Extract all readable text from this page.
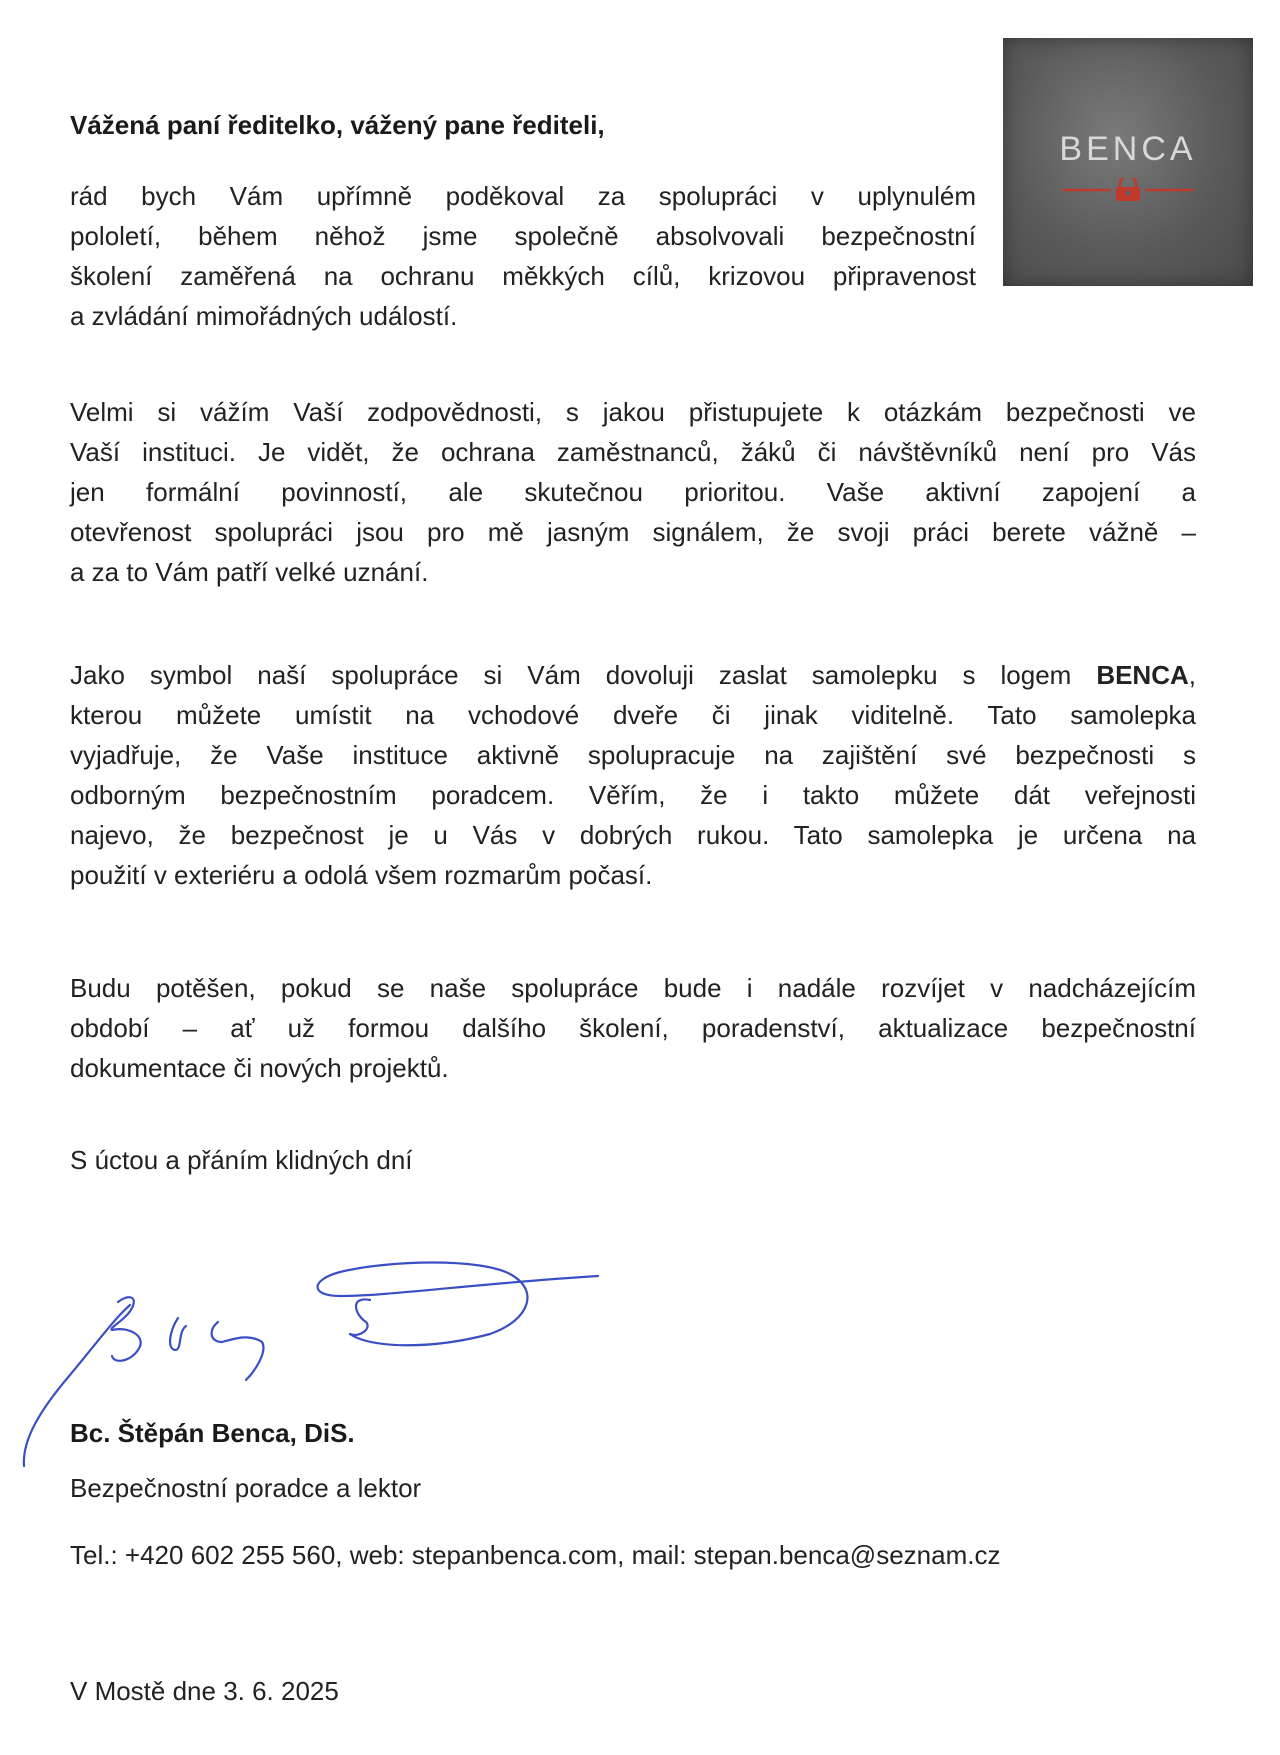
BENCA
Vážená paní ředitelko, vážený pane řediteli,
rád bych Vám upřímně poděkoval za spolupráci v uplynulém
pololetí, během něhož jsme společně absolvovali bezpečnostní
školení zaměřená na ochranu měkkých cílů, krizovou připravenost
a zvládání mimořádných událostí.
Velmi si vážím Vaší zodpovědnosti, s jakou přistupujete k otázkám bezpečnosti ve
Vaší instituci. Je vidět, že ochrana zaměstnanců, žáků či návštěvníků není pro Vás
jen formální povinností, ale skutečnou prioritou. Vaše aktivní zapojení a
otevřenost spolupráci jsou pro mě jasným signálem, že svoji práci berete vážně –
a za to Vám patří velké uznání.
Jako symbol naší spolupráce si Vám dovoluji zaslat samolepku s logem BENCA,
kterou můžete umístit na vchodové dveře či jinak viditelně. Tato samolepka
vyjadřuje, že Vaše instituce aktivně spolupracuje na zajištění své bezpečnosti s
odborným bezpečnostním poradcem. Věřím, že i takto můžete dát veřejnosti
najevo, že bezpečnost je u Vás v dobrých rukou. Tato samolepka je určena na
použití v exteriéru a odolá všem rozmarům počasí.
Budu potěšen, pokud se naše spolupráce bude i nadále rozvíjet v nadcházejícím
období – ať už formou dalšího školení, poradenství, aktualizace bezpečnostní
dokumentace či nových projektů.
S úctou a přáním klidných dní
Bc. Štěpán Benca, DiS.
Bezpečnostní poradce a lektor
Tel.: +420 602 255 560, web: stepanbenca.com, mail: stepan.benca@seznam.cz
V Mostě dne 3. 6. 2025
